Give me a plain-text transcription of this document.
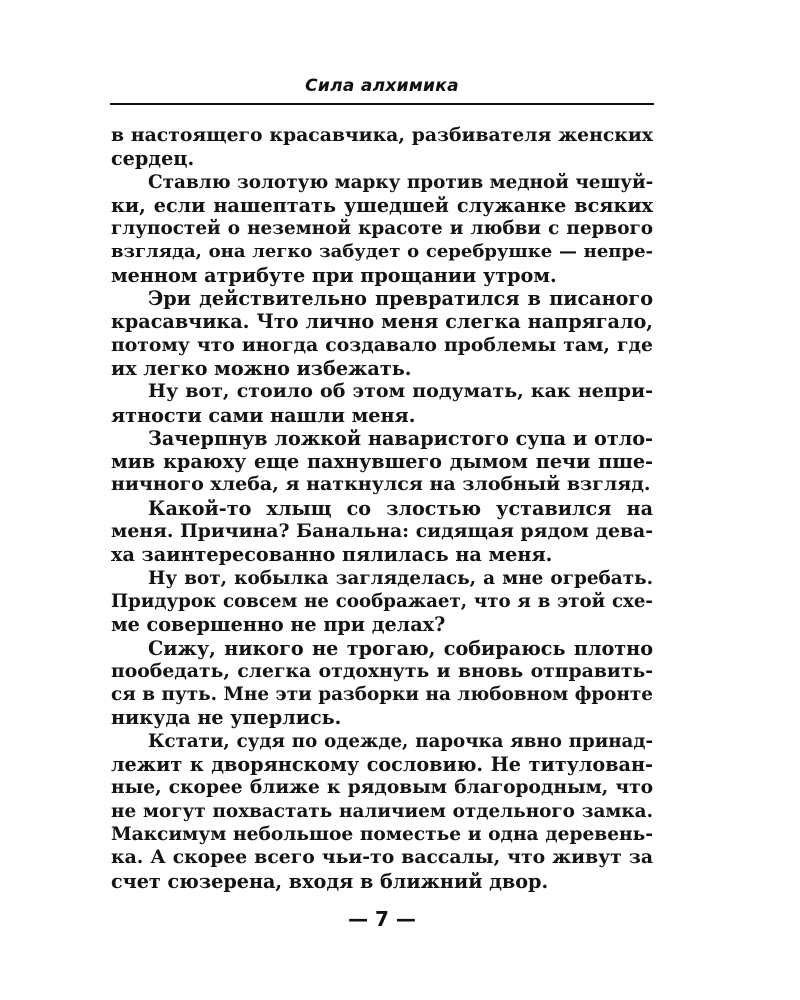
Сила алхимика
в настоящего красавчика, разбивателя женских
сердец.
Ставлю золотую марку против медной чешуй-
ки, если нашептать ушедшей служанке всяких
глупостей о неземной красоте и любви с первого
взгляда, она легко забудет о серебрушке — непре-
менном атрибуте при прощании утром.
Эри действительно превратился в писаного
красавчика. Что лично меня слегка напрягало,
потому что иногда создавало проблемы там, где
их легко можно избежать.
Ну вот, стоило об этом подумать, как непри-
ятности сами нашли меня.
Зачерпнув ложкой наваристого супа и отло-
мив краюху еще пахнувшего дымом печи пше-
ничного хлеба, я наткнулся на злобный взгляд.
Какой-то хлыщ со злостью уставился на
меня. Причина? Банальна: сидящая рядом дева-
ха заинтересованно пялилась на меня.
Ну вот, кобылка загляделась, а мне огребать.
Придурок совсем не соображает, что я в этой схе-
ме совершенно не при делах?
Сижу, никого не трогаю, собираюсь плотно
пообедать, слегка отдохнуть и вновь отправить-
ся в путь. Мне эти разборки на любовном фронте
никуда не уперлись.
Кстати, судя по одежде, парочка явно принад-
лежит к дворянскому сословию. Не титулован-
ные, скорее ближе к рядовым благородным, что
не могут похвастать наличием отдельного замка.
Максимум небольшое поместье и одна деревень-
ка. А скорее всего чьи-то вассалы, что живут за
счет сюзерена, входя в ближний двор.
— 7 —
